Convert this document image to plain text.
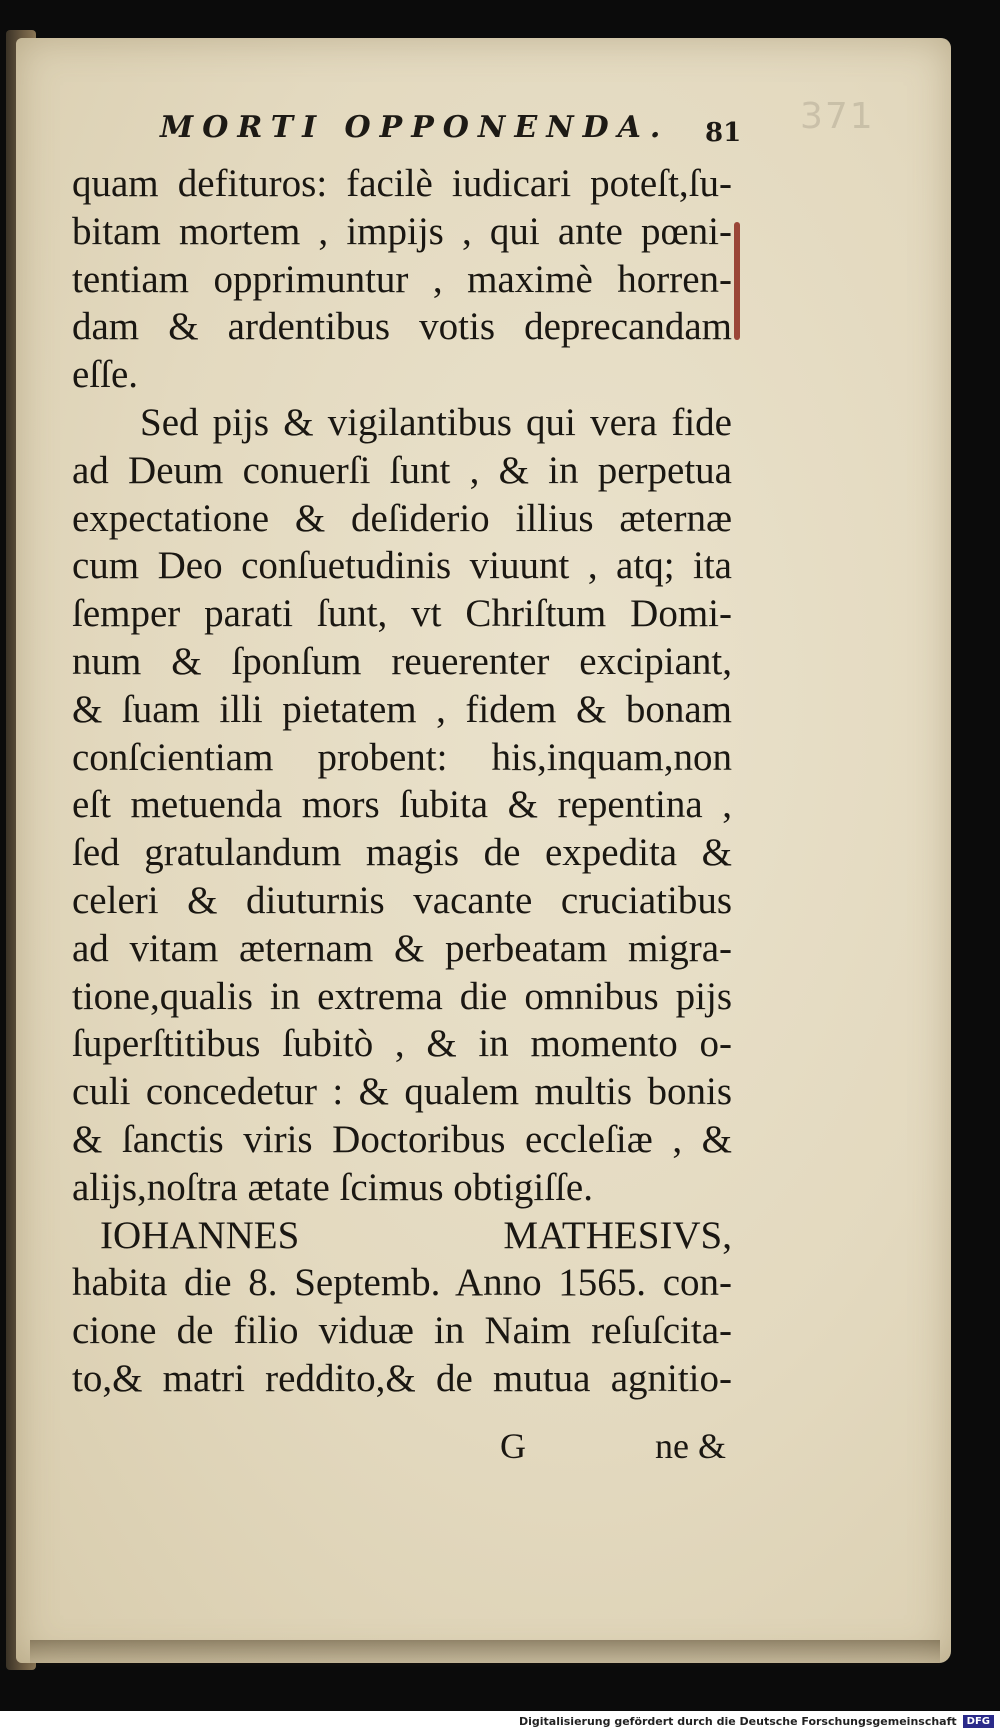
371
MORTI OPPONENDA. 81
quam defituros: facilè iudicari poteſt,ſu-
bitam mortem , impijs , qui ante pœni-
tentiam opprimuntur , maximè horren-
dam & ardentibus votis deprecandam
eſſe.
Sed pijs & vigilantibus qui vera fide
ad Deum conuerſi ſunt , & in perpetua
expectatione & deſiderio illius æternæ
cum Deo conſuetudinis viuunt , atq; ita
ſemper parati ſunt, vt Chriſtum Domi-
num & ſponſum reuerenter excipiant,
& ſuam illi pietatem , fidem & bonam
conſcientiam probent: his,inquam,non
eſt metuenda mors ſubita & repentina ,
ſed gratulandum magis de expedita &
celeri & diuturnis vacante cruciatibus
ad vitam æternam & perbeatam migra-
tione,qualis in extrema die omnibus pijs
ſuperſtitibus ſubitò , & in momento o-
culi concedetur : & qualem multis bonis
& ſanctis viris Doctoribus eccleſiæ , &
alijs,noſtra ætate ſcimus obtigiſſe.
IOHANNES MATHESIVS,
habita die 8. Septemb. Anno 1565. con-
cione de filio viduæ in Naim reſuſcita-
to,& matri reddito,& de mutua agnitio-
G	ne &
Digitalisierung gefördert durch die Deutsche Forschungsgemeinschaft	DFG
